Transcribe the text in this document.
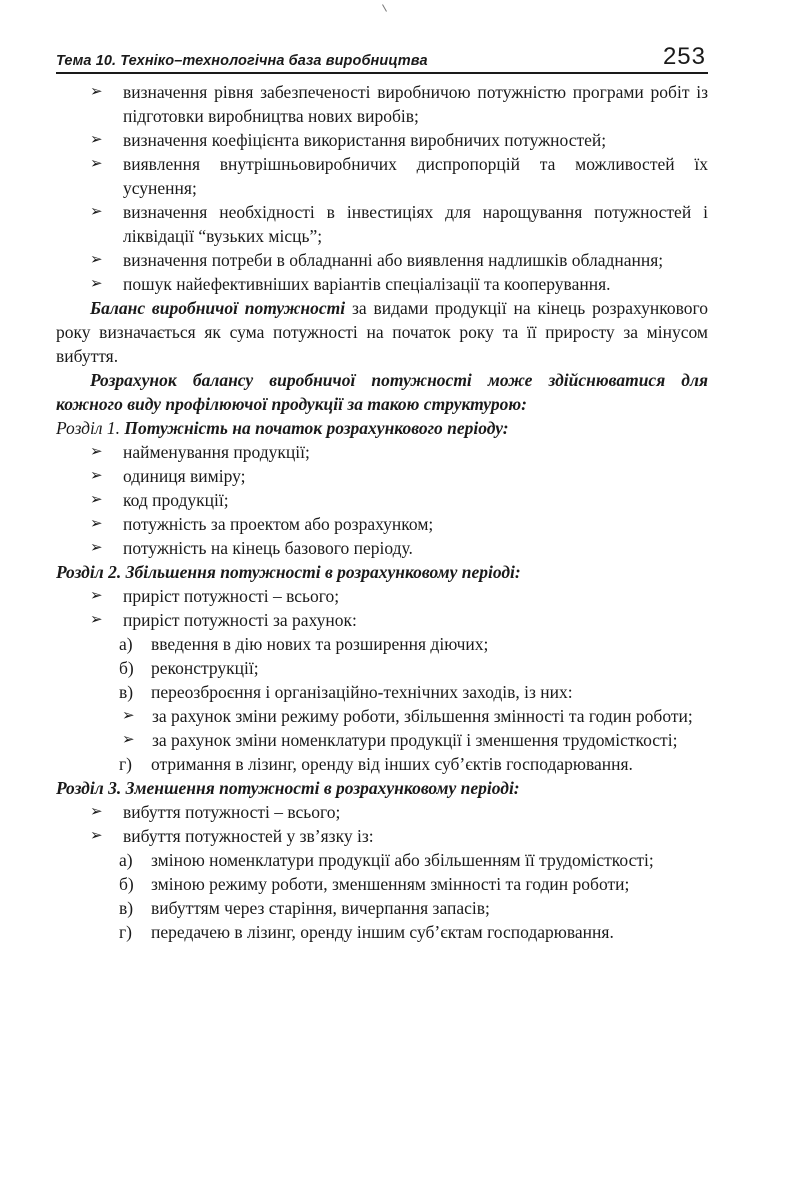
Тема 10. Техніко–технологічна база виробництва	253
➢ визначення рівня забезпеченості виробничою потужністю програми робіт із підготовки виробництва нових виробів;
➢ визначення коефіцієнта використання виробничих потужностей;
➢ виявлення внутрішньовиробничих диспропорцій та можливостей їх усунення;
➢ визначення необхідності в інвестиціях для нарощування потужностей і ліквідації “вузьких місць”;
➢ визначення потреби в обладнанні або виявлення надлишків обладнання;
➢ пошук найефективніших варіантів спеціалізації та кооперування.
Баланс виробничої потужності за видами продукції на кінець розрахункового року визначається як сума потужності на початок року та її приросту за мінусом вибуття.
Розрахунок балансу виробничої потужності може здійснюватися для кожного виду профілюючої продукції за такою структурою:
Розділ 1. Потужність на початок розрахункового періоду:
➢ найменування продукції;
➢ одиниця виміру;
➢ код продукції;
➢ потужність за проектом або розрахунком;
➢ потужність на кінець базового періоду.
Розділ 2. Збільшення потужності в розрахунковому періоді:
➢ приріст потужності – всього;
➢ приріст потужності за рахунок:
а) введення в дію нових та розширення діючих;
б) реконструкції;
в) переозброєння і організаційно-технічних заходів, із них:
➢ за рахунок зміни режиму роботи, збільшення змінності та годин роботи;
➢ за рахунок зміни номенклатури продукції і зменшення трудомісткості;
г) отримання в лізинг, оренду від інших суб’єктів господарювання.
Розділ 3. Зменшення потужності в розрахунковому періоді:
➢ вибуття потужності – всього;
➢ вибуття потужностей у зв’язку із:
а) зміною номенклатури продукції або збільшенням її трудомісткості;
б) зміною режиму роботи, зменшенням змінності та годин роботи;
в) вибуттям через старіння, вичерпання запасів;
г) передачею в лізинг, оренду іншим суб’єктам господарювання.
